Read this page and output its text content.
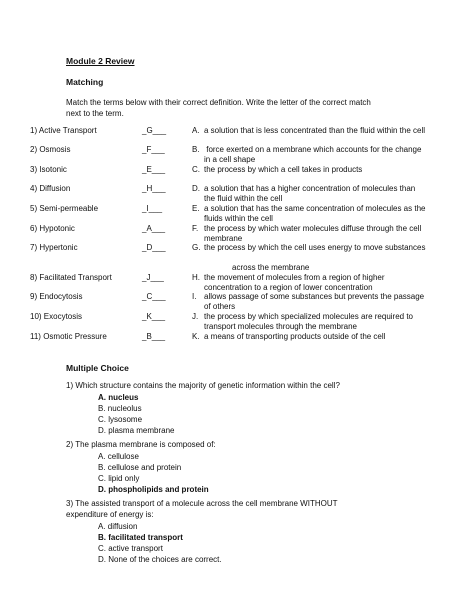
Module 2 Review
Matching
Match the terms below with their correct definition. Write the letter of the correct match
next to the term.
1) Active Transport	_G___	A. a solution that is less concentrated than the fluid within the cell
2) Osmosis	_F___	B. force exerted on a membrane which accounts for the change
in a cell shape
3) Isotonic	_E___	C. the process by which a cell takes in products
4) Diffusion	_H___	D. a solution that has a higher concentration of molecules than
the fluid within the cell
5) Semi-permeable	_I___	E. a solution that has the same concentration of molecules as the
fluids within the cell
6) Hypotonic	_A___	F. the process by which water molecules diffuse through the cell
membrane
7) Hypertonic	_D___	G. the process by which the cell uses energy to move substances
across the membrane
8) Facilitated Transport	_J___	H. the movement of molecules from a region of higher
concentration to a region of lower concentration
9) Endocytosis	_C___	I. allows passage of some substances but prevents the passage
of others
10) Exocytosis	_K___	J. the process by which specialized molecules are required to
transport molecules through the membrane
11) Osmotic Pressure	_B___	K. a means of transporting products outside of the cell
Multiple Choice
1) Which structure contains the majority of genetic information within the cell?
A. nucleus
B. nucleolus
C. lysosome
D. plasma membrane
2) The plasma membrane is composed of:
A. cellulose
B. cellulose and protein
C. lipid only
D. phospholipids and protein
3) The assisted transport of a molecule across the cell membrane WITHOUT
expenditure of energy is:
A. diffusion
B. facilitated transport
C. active transport
D. None of the choices are correct.
